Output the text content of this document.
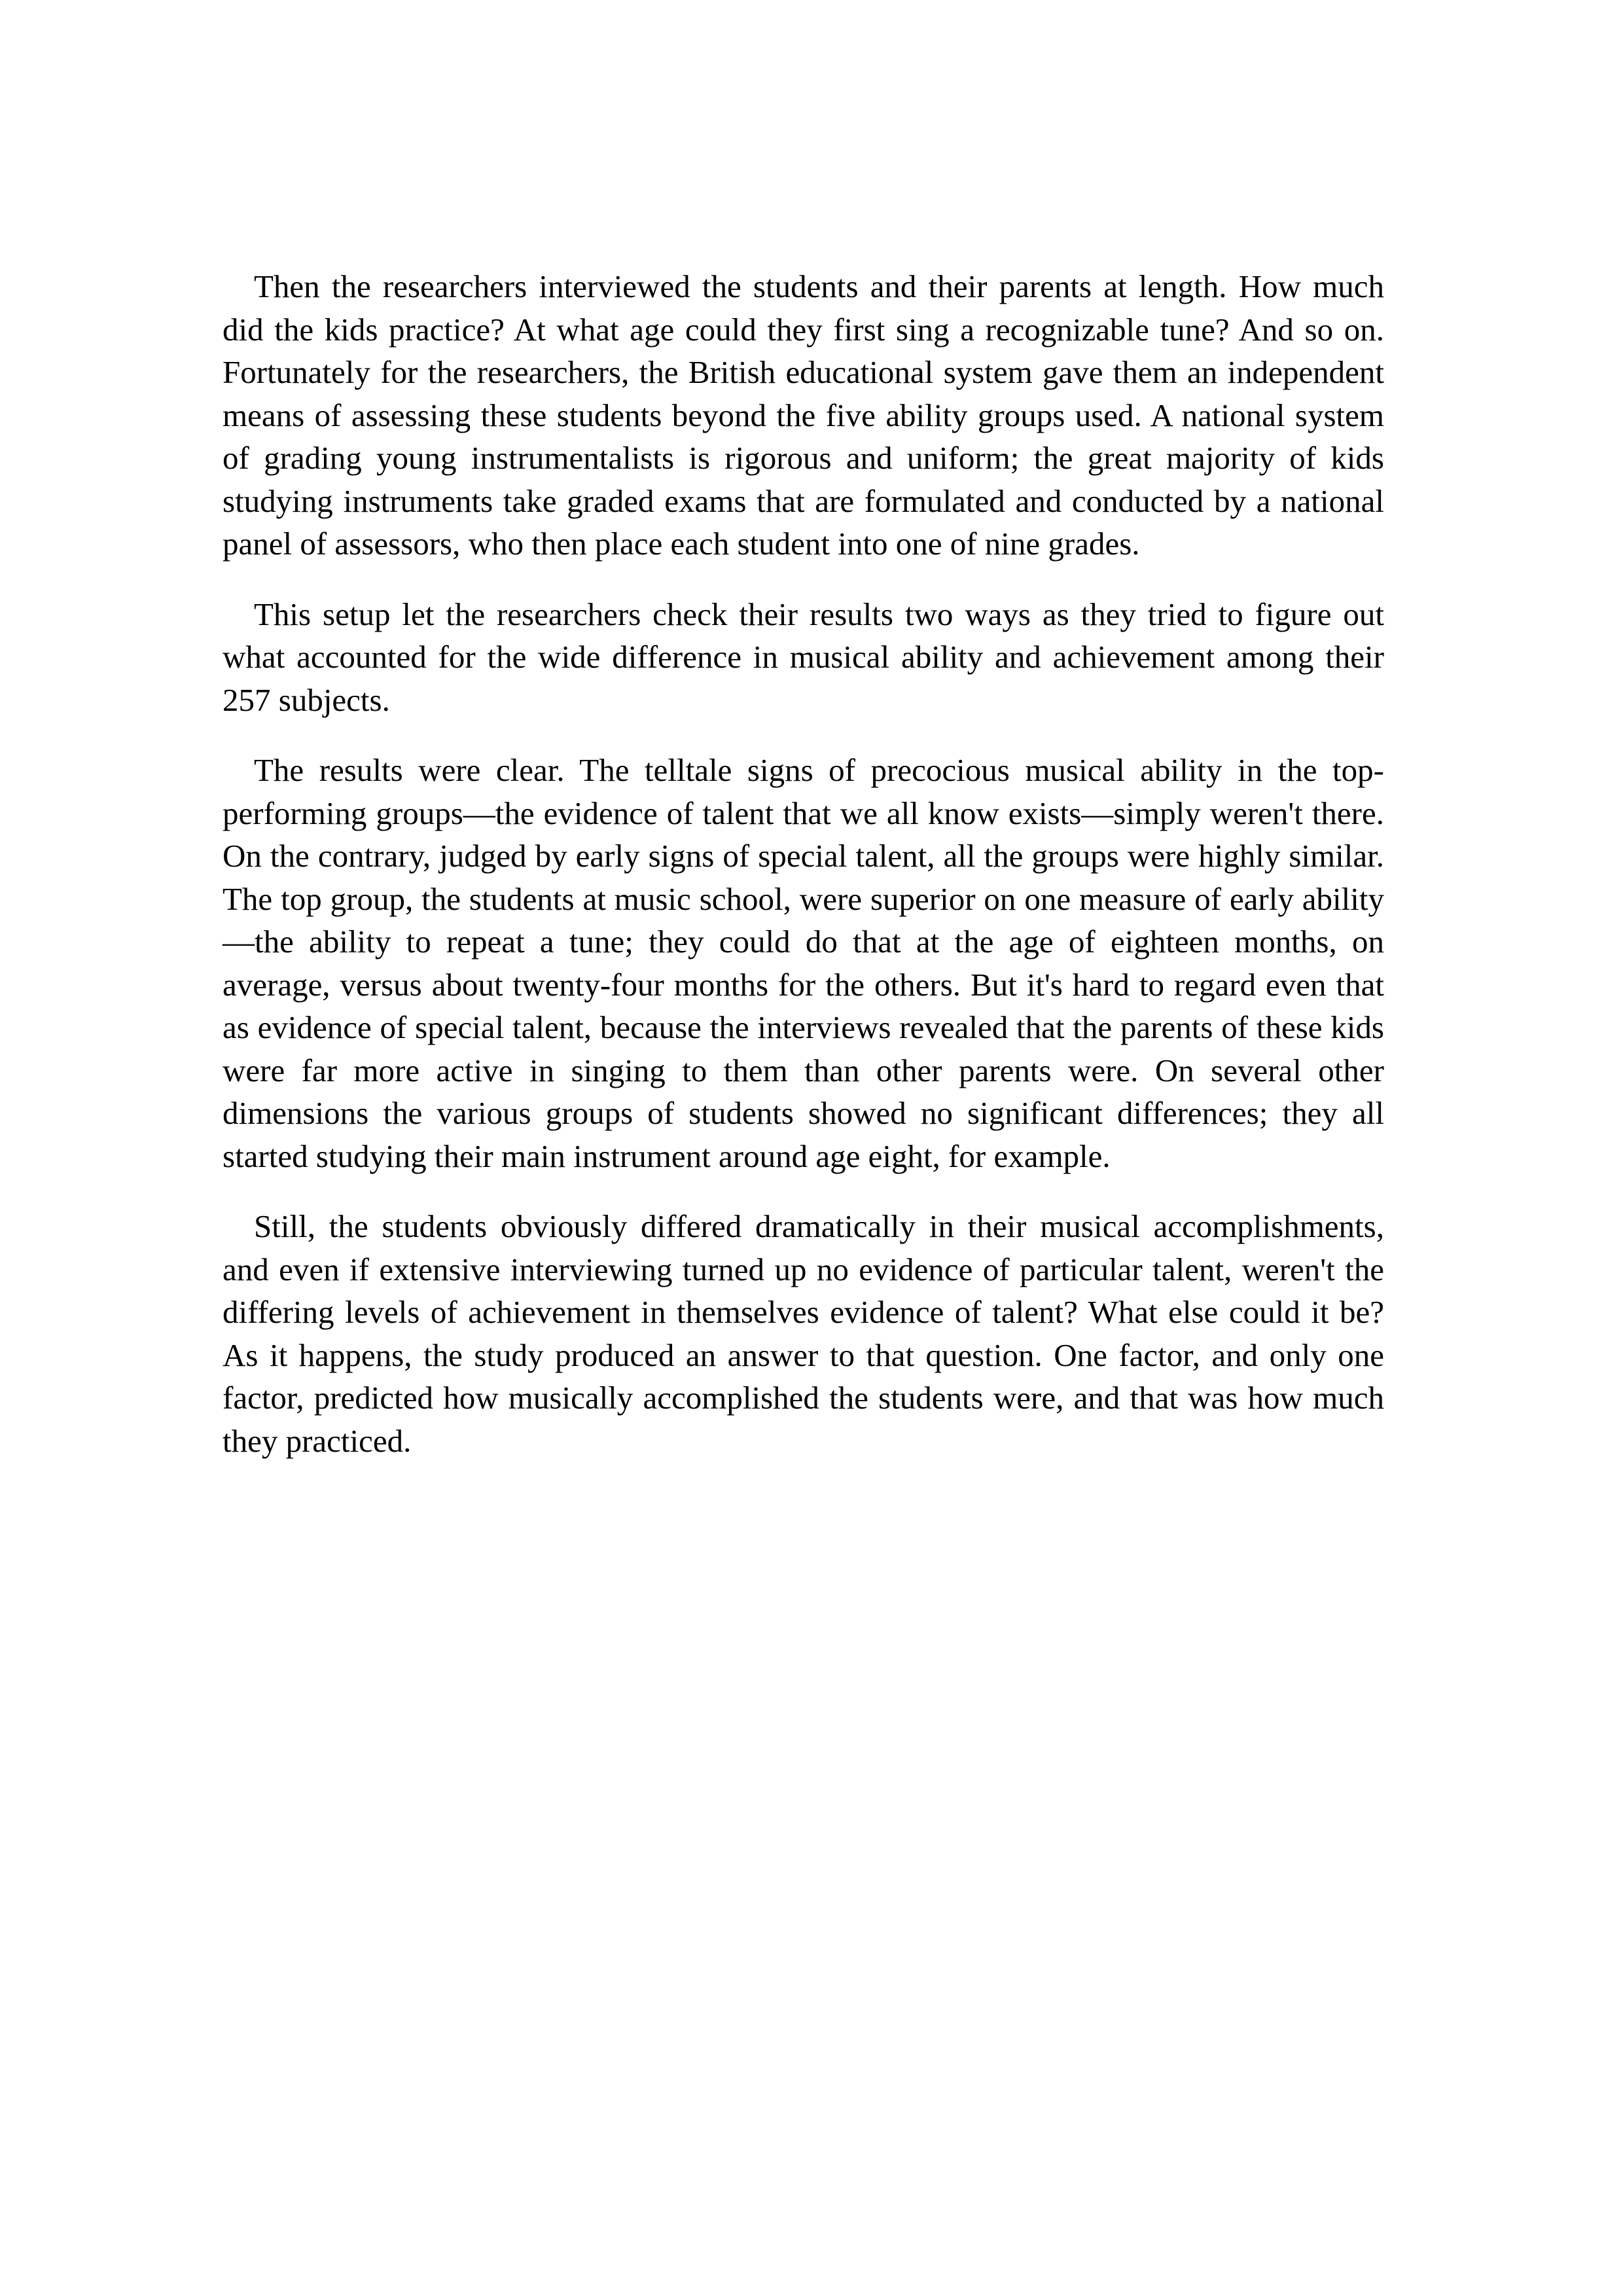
Then the researchers interviewed the students and their parents at length. How much did the kids practice? At what age could they first sing a recognizable tune? And so on. Fortunately for the researchers, the British educational system gave them an independent means of assessing these students beyond the five ability groups used. A national system of grading young instrumentalists is rigorous and uniform; the great majority of kids studying instruments take graded exams that are formulated and conducted by a national panel of assessors, who then place each student into one of nine grades.

This setup let the researchers check their results two ways as they tried to figure out what accounted for the wide difference in musical ability and achievement among their 257 subjects.

The results were clear. The telltale signs of precocious musical ability in the top-performing groups—the evidence of talent that we all know exists—simply weren't there. On the contrary, judged by early signs of special talent, all the groups were highly similar. The top group, the students at music school, were superior on one measure of early ability—the ability to repeat a tune; they could do that at the age of eighteen months, on average, versus about twenty-four months for the others. But it's hard to regard even that as evidence of special talent, because the interviews revealed that the parents of these kids were far more active in singing to them than other parents were. On several other dimensions the various groups of students showed no significant differences; they all started studying their main instrument around age eight, for example.

Still, the students obviously differed dramatically in their musical accomplishments, and even if extensive interviewing turned up no evidence of particular talent, weren't the differing levels of achievement in themselves evidence of talent? What else could it be? As it happens, the study produced an answer to that question. One factor, and only one factor, predicted how musically accomplished the students were, and that was how much they practiced.
